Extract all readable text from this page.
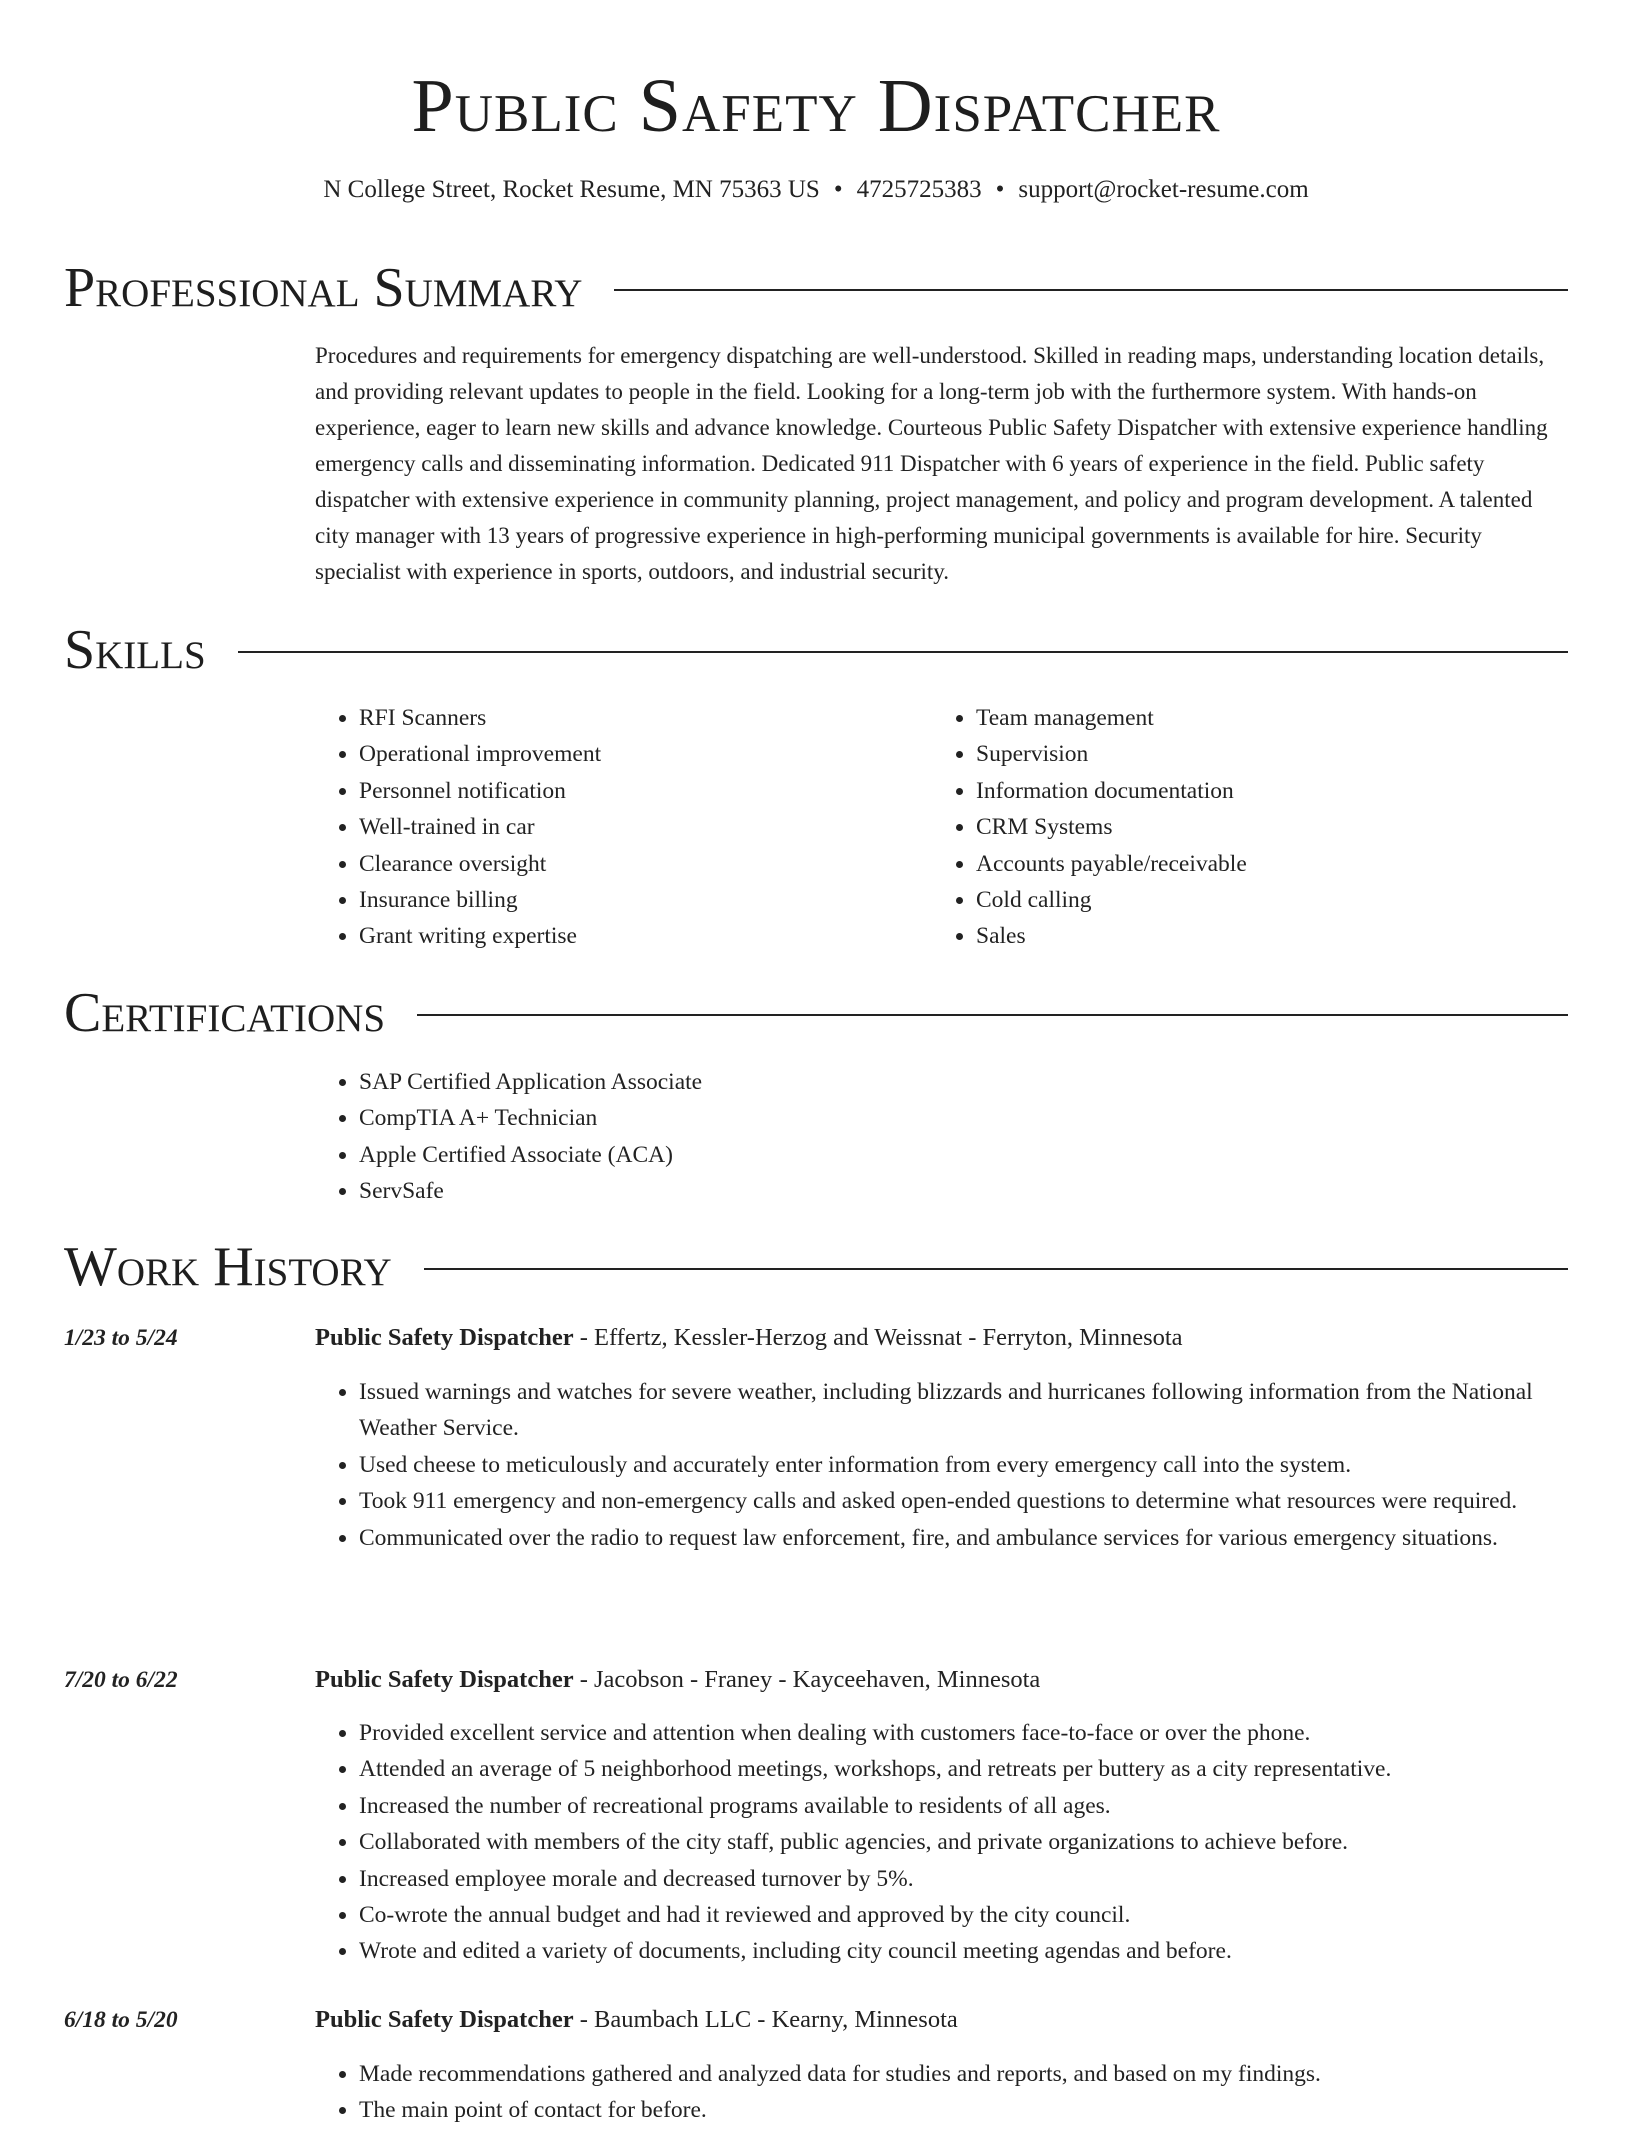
Public Safety Dispatcher
N College Street, Rocket Resume, MN 75363 US • 4725725383 • support@rocket-resume.com
Professional Summary

Procedures and requirements for emergency dispatching are well-understood. Skilled in reading maps, understanding location details, and providing relevant updates to people in the field. Looking for a long-term job with the furthermore system. With hands-on experience, eager to learn new skills and advance knowledge. Courteous Public Safety Dispatcher with extensive experience handling emergency calls and disseminating information. Dedicated 911 Dispatcher with 6 years of experience in the field. Public safety dispatcher with extensive experience in community planning, project management, and policy and program development. A talented city manager with 13 years of progressive experience in high-performing municipal governments is available for hire. Security specialist with experience in sports, outdoors, and industrial security.

Skills
• RFI Scanners
• Operational improvement
• Personnel notification
• Well-trained in car
• Clearance oversight
• Insurance billing
• Grant writing expertise
• Team management
• Supervision
• Information documentation
• CRM Systems
• Accounts payable/receivable
• Cold calling
• Sales
Certifications
• SAP Certified Application Associate
• CompTIA A+ Technician
• Apple Certified Associate (ACA)
• ServSafe
Work History
1/23 to 5/24	Public Safety Dispatcher - Effertz, Kessler-Herzog and Weissnat - Ferryton, Minnesota
• Issued warnings and watches for severe weather, including blizzards and hurricanes following information from the National Weather Service.
• Used cheese to meticulously and accurately enter information from every emergency call into the system.
• Took 911 emergency and non-emergency calls and asked open-ended questions to determine what resources were required.
• Communicated over the radio to request law enforcement, fire, and ambulance services for various emergency situations.
7/20 to 6/22	Public Safety Dispatcher - Jacobson - Franey - Kayceehaven, Minnesota
• Provided excellent service and attention when dealing with customers face-to-face or over the phone.
• Attended an average of 5 neighborhood meetings, workshops, and retreats per buttery as a city representative.
• Increased the number of recreational programs available to residents of all ages.
• Collaborated with members of the city staff, public agencies, and private organizations to achieve before.
• Increased employee morale and decreased turnover by 5%.
• Co-wrote the annual budget and had it reviewed and approved by the city council.
• Wrote and edited a variety of documents, including city council meeting agendas and before.
6/18 to 5/20	Public Safety Dispatcher - Baumbach LLC - Kearny, Minnesota
• Made recommendations gathered and analyzed data for studies and reports, and based on my findings.
• The main point of contact for before.
